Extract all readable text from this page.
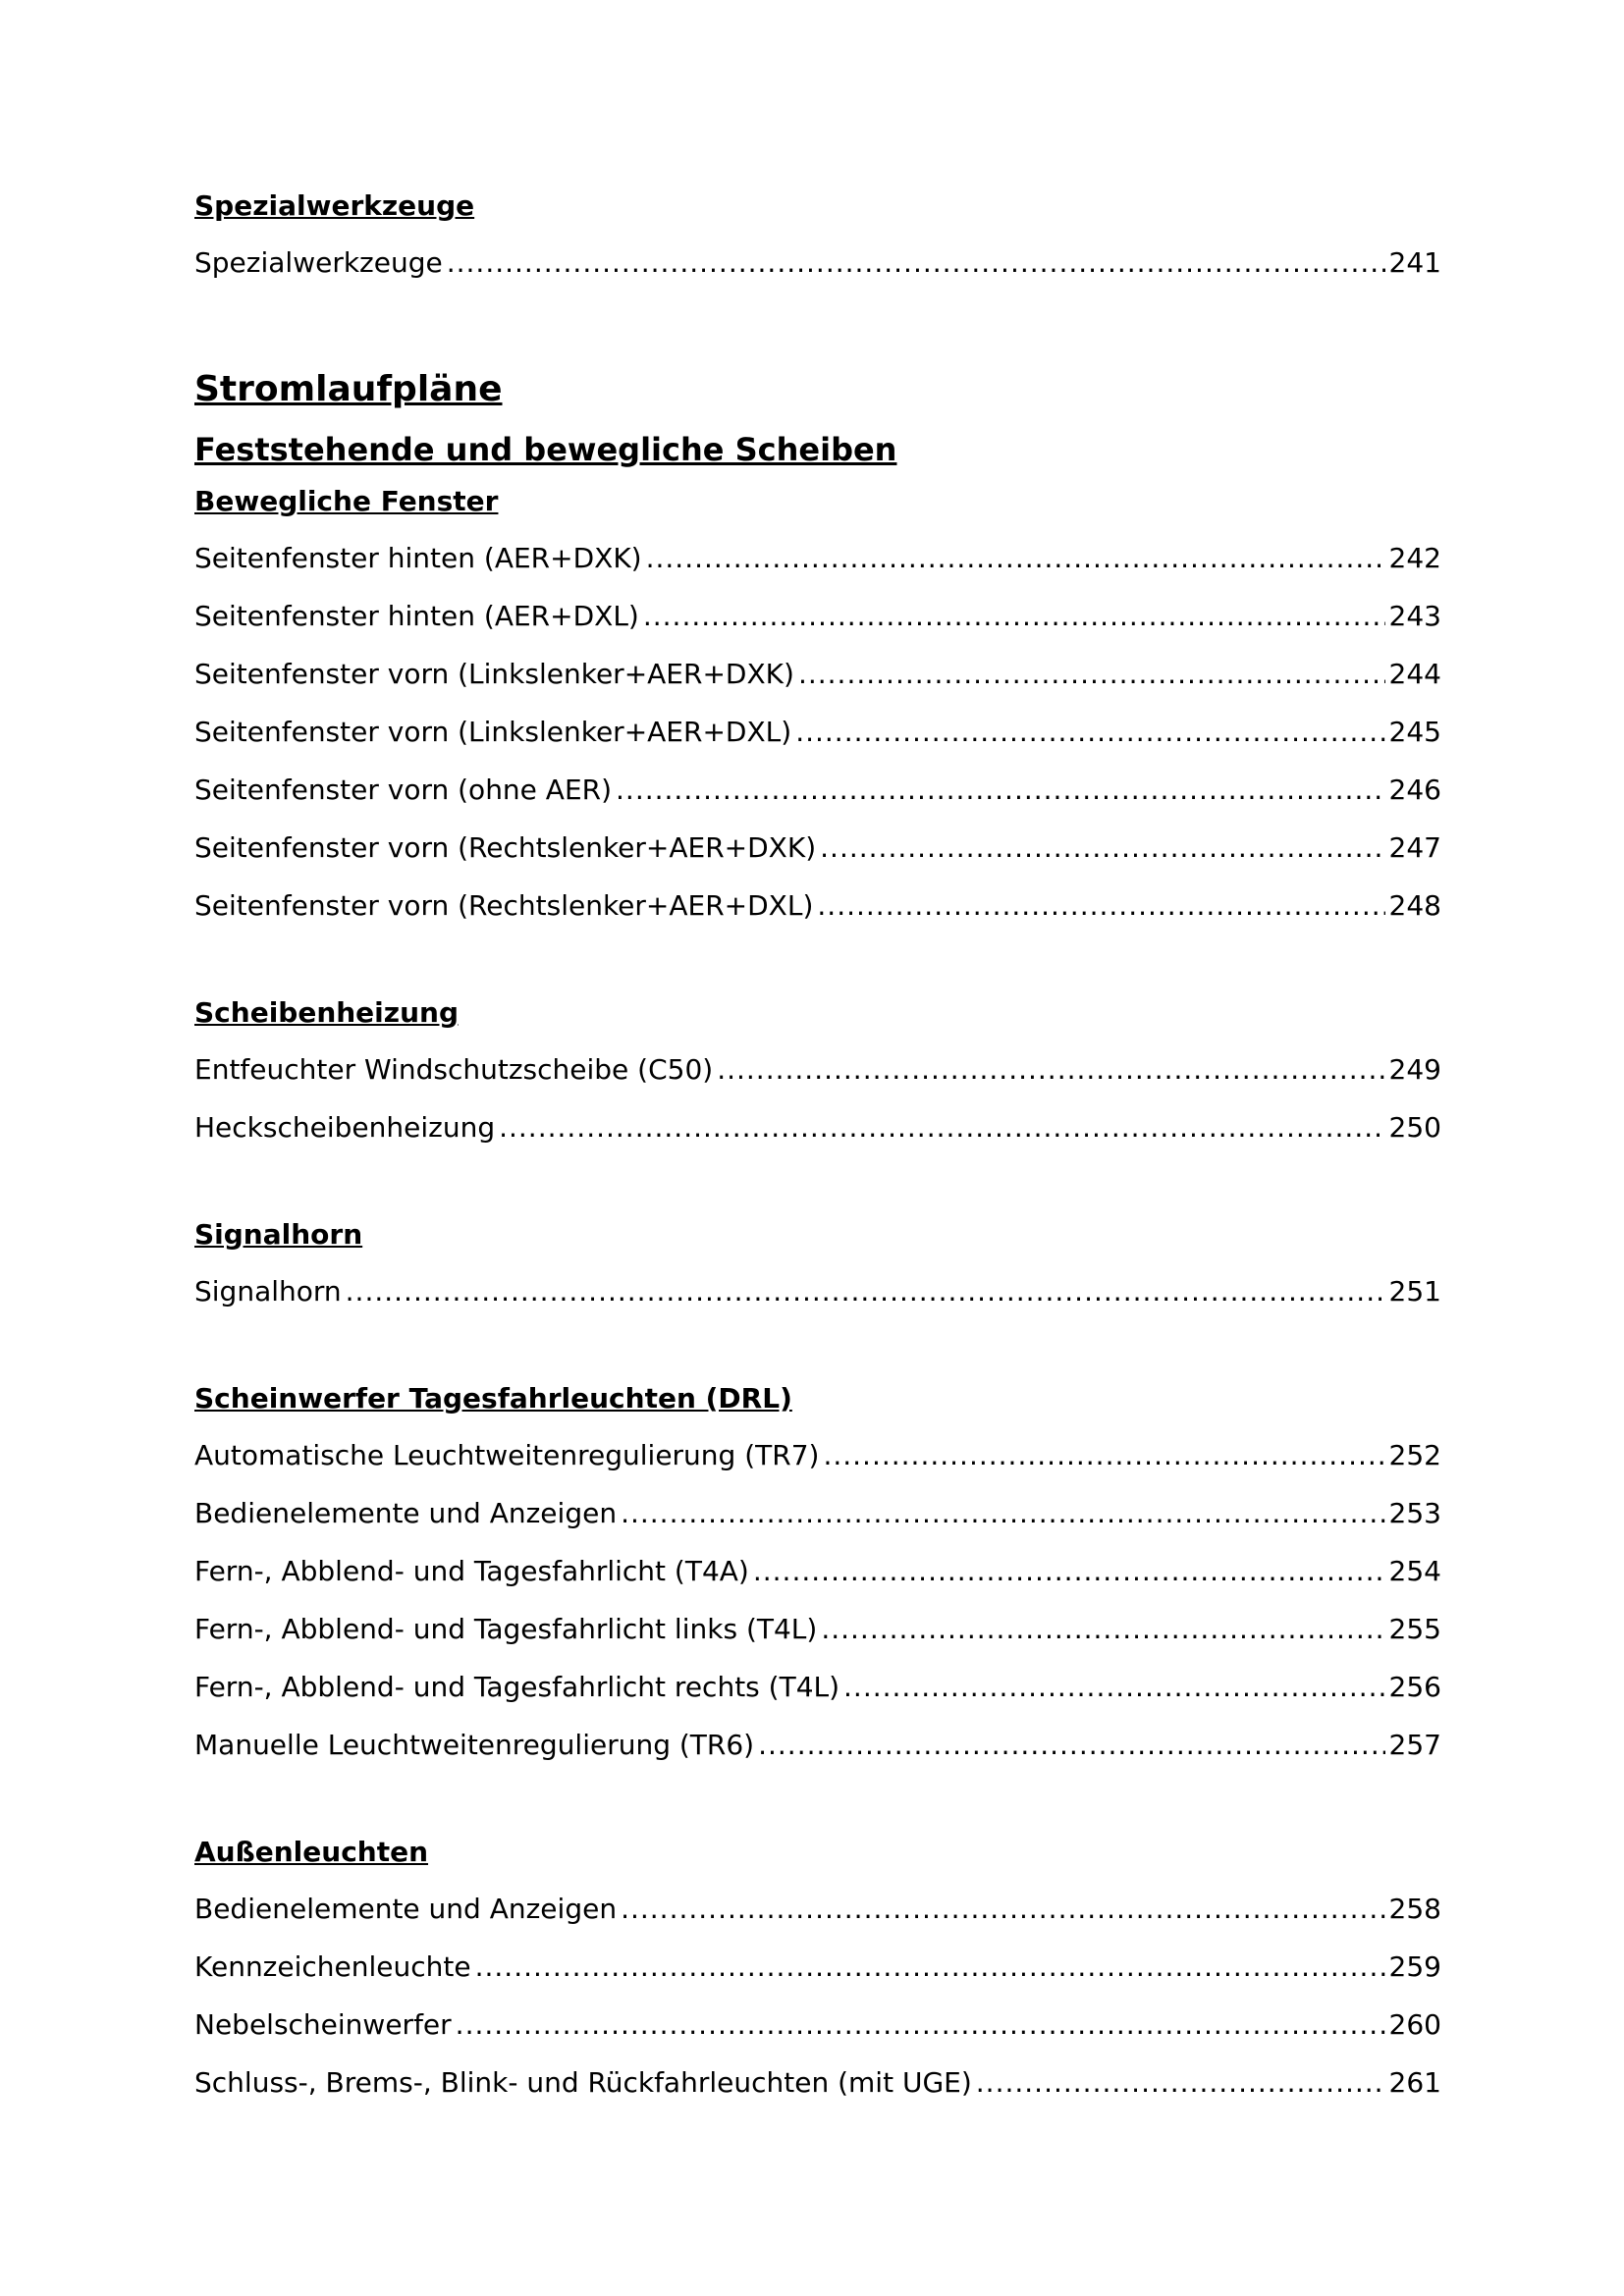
Spezialwerkzeuge
Spezialwerkzeuge .....	241
Stromlaufpläne
Feststehende und bewegliche Scheiben
Bewegliche Fenster
Seitenfenster hinten (AER+DXK) .....	242
Seitenfenster hinten (AER+DXL) .....	243
Seitenfenster vorn (Linkslenker+AER+DXK) .....	244
Seitenfenster vorn (Linkslenker+AER+DXL) .....	245
Seitenfenster vorn (ohne AER) .....	246
Seitenfenster vorn (Rechtslenker+AER+DXK) .....	247
Seitenfenster vorn (Rechtslenker+AER+DXL) .....	248
Scheibenheizung
Entfeuchter Windschutzscheibe (C50) .....	249
Heckscheibenheizung .....	250
Signalhorn
Signalhorn .....	251
Scheinwerfer Tagesfahrleuchten (DRL)
Automatische Leuchtweitenregulierung (TR7) .....	252
Bedienelemente und Anzeigen .....	253
Fern-, Abblend- und Tagesfahrlicht (T4A) .....	254
Fern-, Abblend- und Tagesfahrlicht links (T4L) .....	255
Fern-, Abblend- und Tagesfahrlicht rechts (T4L) .....	256
Manuelle Leuchtweitenregulierung (TR6) .....	257
Außenleuchten
Bedienelemente und Anzeigen .....	258
Kennzeichenleuchte .....	259
Nebelscheinwerfer .....	260
Schluss-, Brems-, Blink- und Rückfahrleuchten (mit UGE) .....	261
